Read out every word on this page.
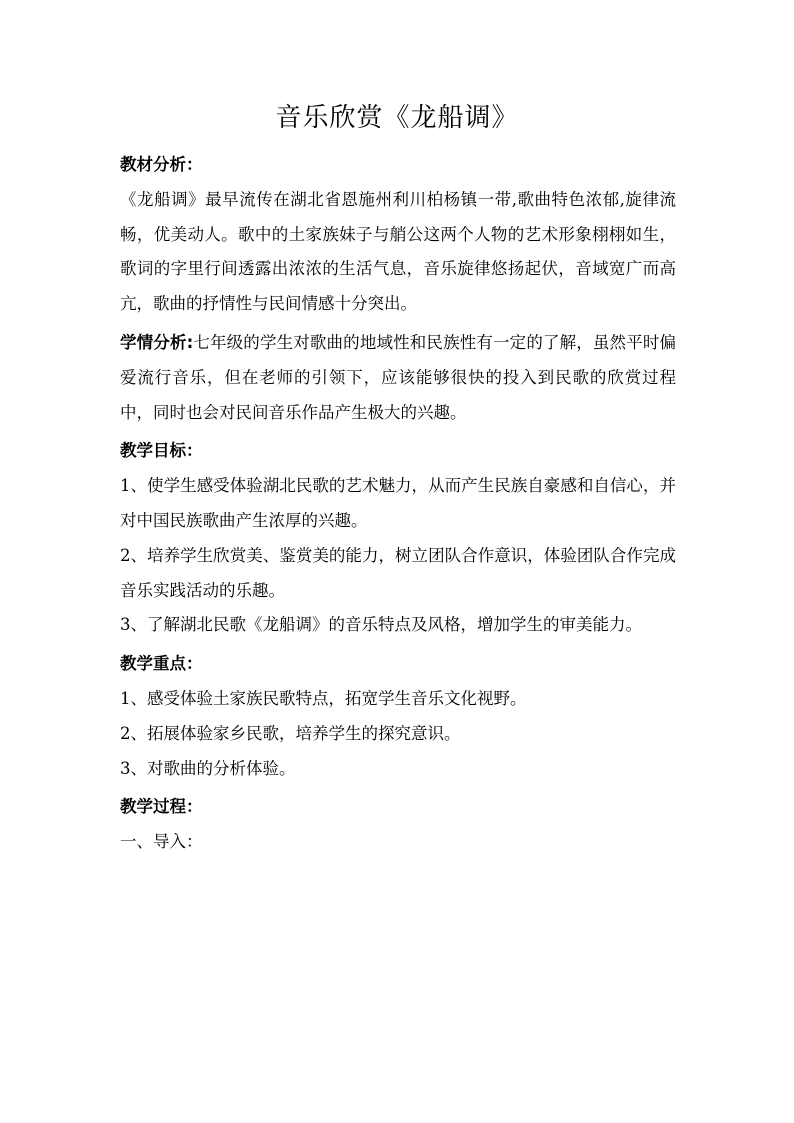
音乐欣赏《龙船调》

教材分析：

《龙船调》最早流传在湖北省恩施州利川柏杨镇一带,歌曲特色浓郁,旋律流畅，优美动人。歌中的土家族妹子与艄公这两个人物的艺术形象栩栩如生，歌词的字里行间透露出浓浓的生活气息，音乐旋律悠扬起伏，音域宽广而高亢，歌曲的抒情性与民间情感十分突出。

学情分析:七年级的学生对歌曲的地域性和民族性有一定的了解，虽然平时偏爱流行音乐，但在老师的引领下，应该能够很快的投入到民歌的欣赏过程中，同时也会对民间音乐作品产生极大的兴趣。

教学目标：

1、使学生感受体验湖北民歌的艺术魅力，从而产生民族自豪感和自信心，并对中国民族歌曲产生浓厚的兴趣。

2、培养学生欣赏美、鉴赏美的能力，树立团队合作意识，体验团队合作完成音乐实践活动的乐趣。

3、了解湖北民歌《龙船调》的音乐特点及风格，增加学生的审美能力。

教学重点：

1、感受体验土家族民歌特点，拓宽学生音乐文化视野。

2、拓展体验家乡民歌，培养学生的探究意识。

3、对歌曲的分析体验。

教学过程：

一、导入：
